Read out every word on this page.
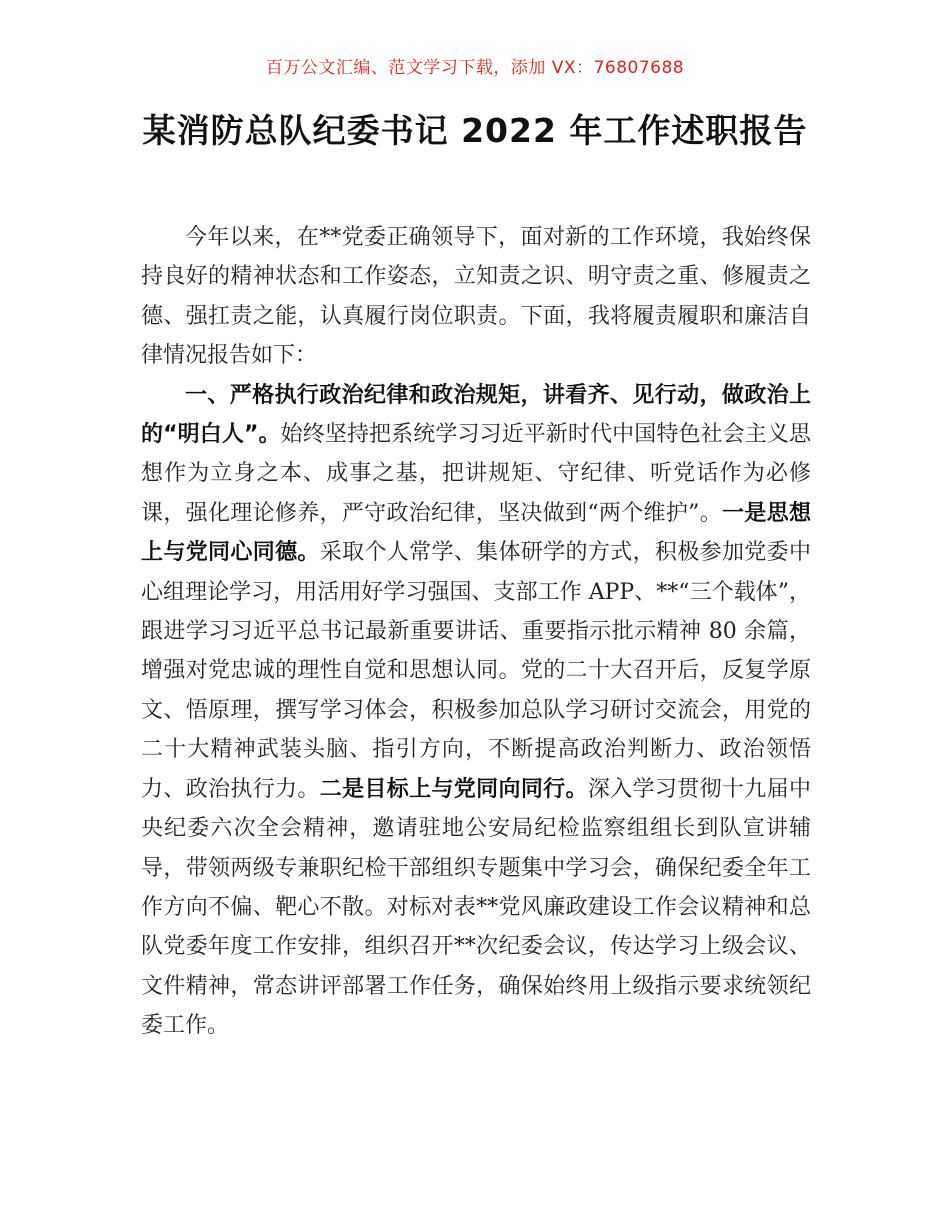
百万公文汇编、范文学习下载，添加 VX：76807688
某消防总队纪委书记 2022 年工作述职报告

今年以来，在**党委正确领导下，面对新的工作环境，我始终保持良好的精神状态和工作姿态，立知责之识、明守责之重、修履责之德、强扛责之能，认真履行岗位职责。下面，我将履责履职和廉洁自律情况报告如下：

一、严格执行政治纪律和政治规矩，讲看齐、见行动，做政治上的“明白人”。始终坚持把系统学习习近平新时代中国特色社会主义思想作为立身之本、成事之基，把讲规矩、守纪律、听党话作为必修课，强化理论修养，严守政治纪律，坚决做到“两个维护”。一是思想上与党同心同德。采取个人常学、集体研学的方式，积极参加党委中心组理论学习，用活用好学习强国、支部工作 APP、**“三个载体”，跟进学习习近平总书记最新重要讲话、重要指示批示精神 80 余篇，增强对党忠诚的理性自觉和思想认同。党的二十大召开后，反复学原文、悟原理，撰写学习体会，积极参加总队学习研讨交流会，用党的二十大精神武装头脑、指引方向，不断提高政治判断力、政治领悟力、政治执行力。二是目标上与党同向同行。深入学习贯彻十九届中央纪委六次全会精神，邀请驻地公安局纪检监察组组长到队宣讲辅导，带领两级专兼职纪检干部组织专题集中学习会，确保纪委全年工作方向不偏、靶心不散。对标对表**党风廉政建设工作会议精神和总队党委年度工作安排，组织召开**次纪委会议，传达学习上级会议、文件精神，常态讲评部署工作任务，确保始终用上级指示要求统领纪委工作。
